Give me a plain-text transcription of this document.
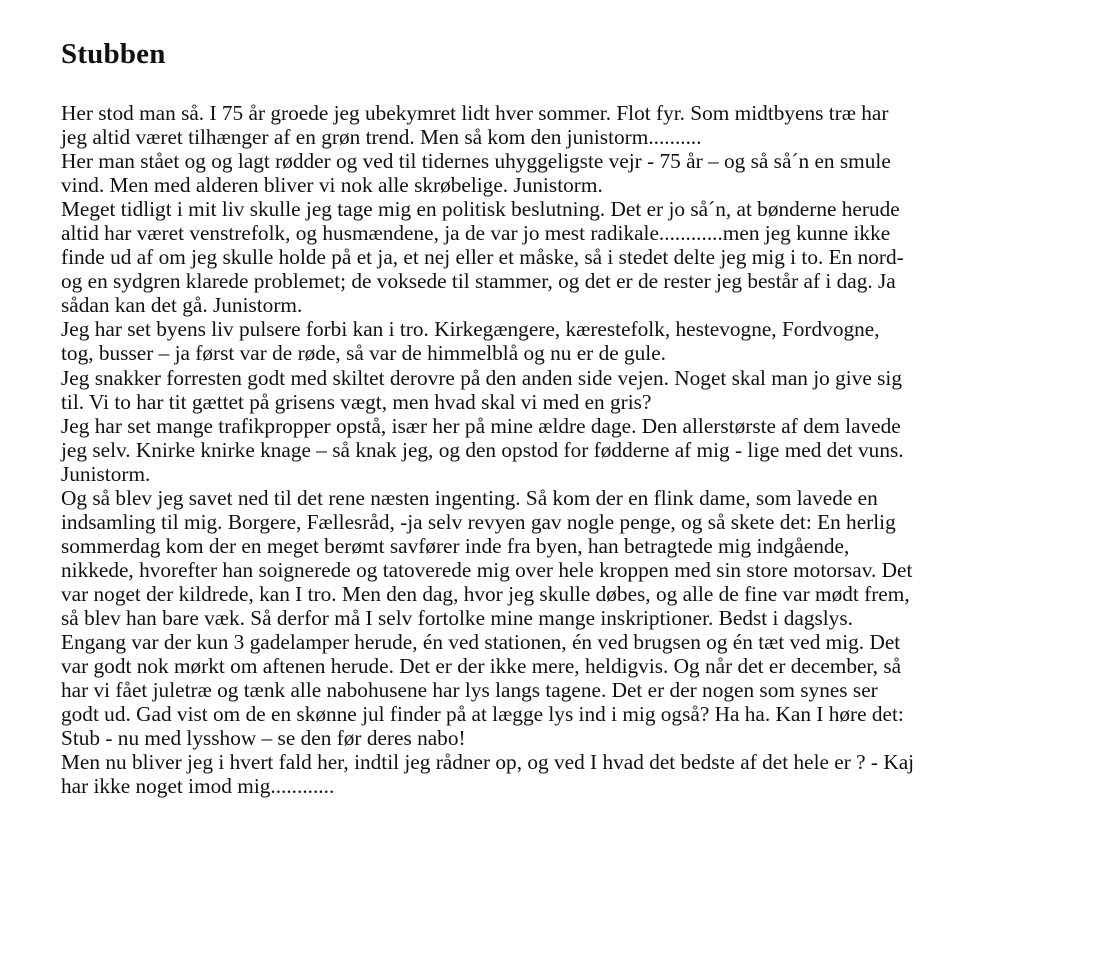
Stubben
Her stod man så. I 75 år groede jeg ubekymret lidt hver sommer. Flot fyr. Som midtbyens træ har
jeg altid været tilhænger af en grøn trend. Men så kom den junistorm..........
Her man stået og og lagt rødder og ved til tidernes uhyggeligste vejr - 75 år – og så så´n en smule
vind. Men med alderen bliver vi nok alle skrøbelige. Junistorm.
Meget tidligt i mit liv skulle jeg tage mig en politisk beslutning. Det er jo så´n, at bønderne herude
altid har været venstrefolk, og husmændene, ja de var jo mest radikale............men jeg kunne ikke
finde ud af om jeg skulle holde på et ja, et nej eller et måske, så i stedet delte jeg mig i to. En nord-
og en sydgren klarede problemet; de voksede til stammer, og det er de rester jeg består af i dag. Ja
sådan kan det gå. Junistorm.
Jeg har set byens liv pulsere forbi kan i tro. Kirkegængere, kærestefolk, hestevogne, Fordvogne,
tog, busser – ja først var de røde, så var de himmelblå og nu er de gule.
Jeg snakker forresten godt med skiltet derovre på den anden side vejen. Noget skal man jo give sig
til. Vi to har tit gættet på grisens vægt, men hvad skal vi med en gris?
Jeg har set mange trafikpropper opstå, især her på mine ældre dage. Den allerstørste af dem lavede
jeg selv. Knirke knirke knage – så knak jeg, og den opstod for fødderne af mig - lige med det vuns.
Junistorm.
Og så blev jeg savet ned til det rene næsten ingenting. Så kom der en flink dame, som lavede en
indsamling til mig. Borgere, Fællesråd, -ja selv revyen gav nogle penge, og så skete det: En herlig
sommerdag kom der en meget berømt savfører inde fra byen, han betragtede mig indgående,
nikkede, hvorefter han soignerede og tatoverede mig over hele kroppen med sin store motorsav. Det
var noget der kildrede, kan I tro. Men den dag, hvor jeg skulle døbes, og alle de fine var mødt frem,
så blev han bare væk. Så derfor må I selv fortolke mine mange inskriptioner. Bedst i dagslys.
Engang var der kun 3 gadelamper herude, én ved stationen, én ved brugsen og én tæt ved mig. Det
var godt nok mørkt om aftenen herude. Det er der ikke mere, heldigvis. Og når det er december, så
har vi fået juletræ og tænk alle nabohusene har lys langs tagene. Det er der nogen som synes ser
godt ud. Gad vist om de en skønne jul finder på at lægge lys ind i mig også? Ha ha. Kan I høre det:
Stub - nu med lysshow – se den før deres nabo!
Men nu bliver jeg i hvert fald her, indtil jeg rådner op, og ved I hvad det bedste af det hele er ? - Kaj
har ikke noget imod mig............
